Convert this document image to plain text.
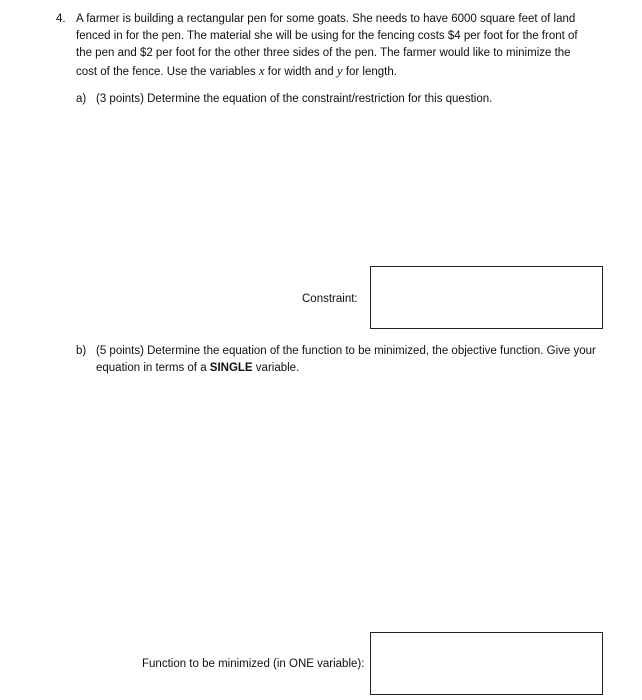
4. A farmer is building a rectangular pen for some goats. She needs to have 6000 square feet of land
fenced in for the pen. The material she will be using for the fencing costs $4 per foot for the front of
the pen and $2 per foot for the other three sides of the pen. The farmer would like to minimize the
cost of the fence. Use the variables x for width and y for length.

a) (3 points) Determine the equation of the constraint/restriction for this question.
Constraint:
b) (5 points) Determine the equation of the function to be minimized, the objective function. Give your equation in terms of a SINGLE variable.
Function to be minimized (in ONE variable):
